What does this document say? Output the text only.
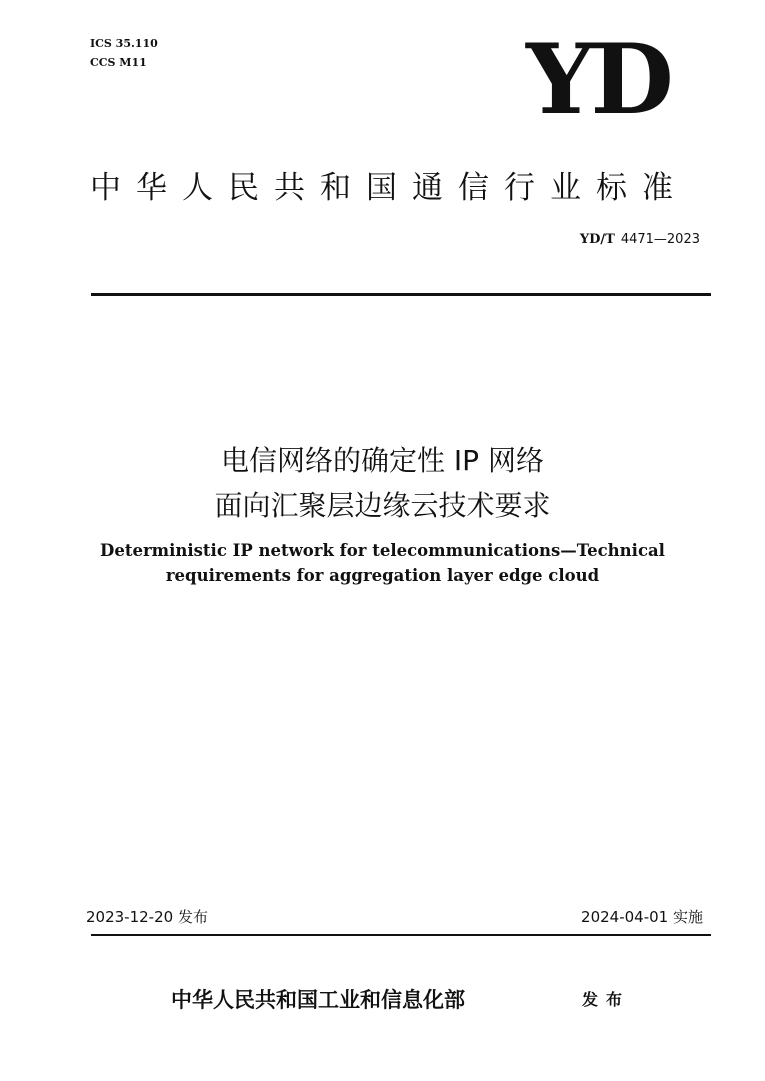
ICS 35.110
CCS M11	YD
中华人民共和国通信行业标准
YD/T 4471—2023
电信网络的确定性 IP 网络
面向汇聚层边缘云技术要求
Deterministic IP network for telecommunications—Technical
requirements for aggregation layer edge cloud
2023-12-20 发布	2024-04-01 实施
中华人民共和国工业和信息化部	发布
